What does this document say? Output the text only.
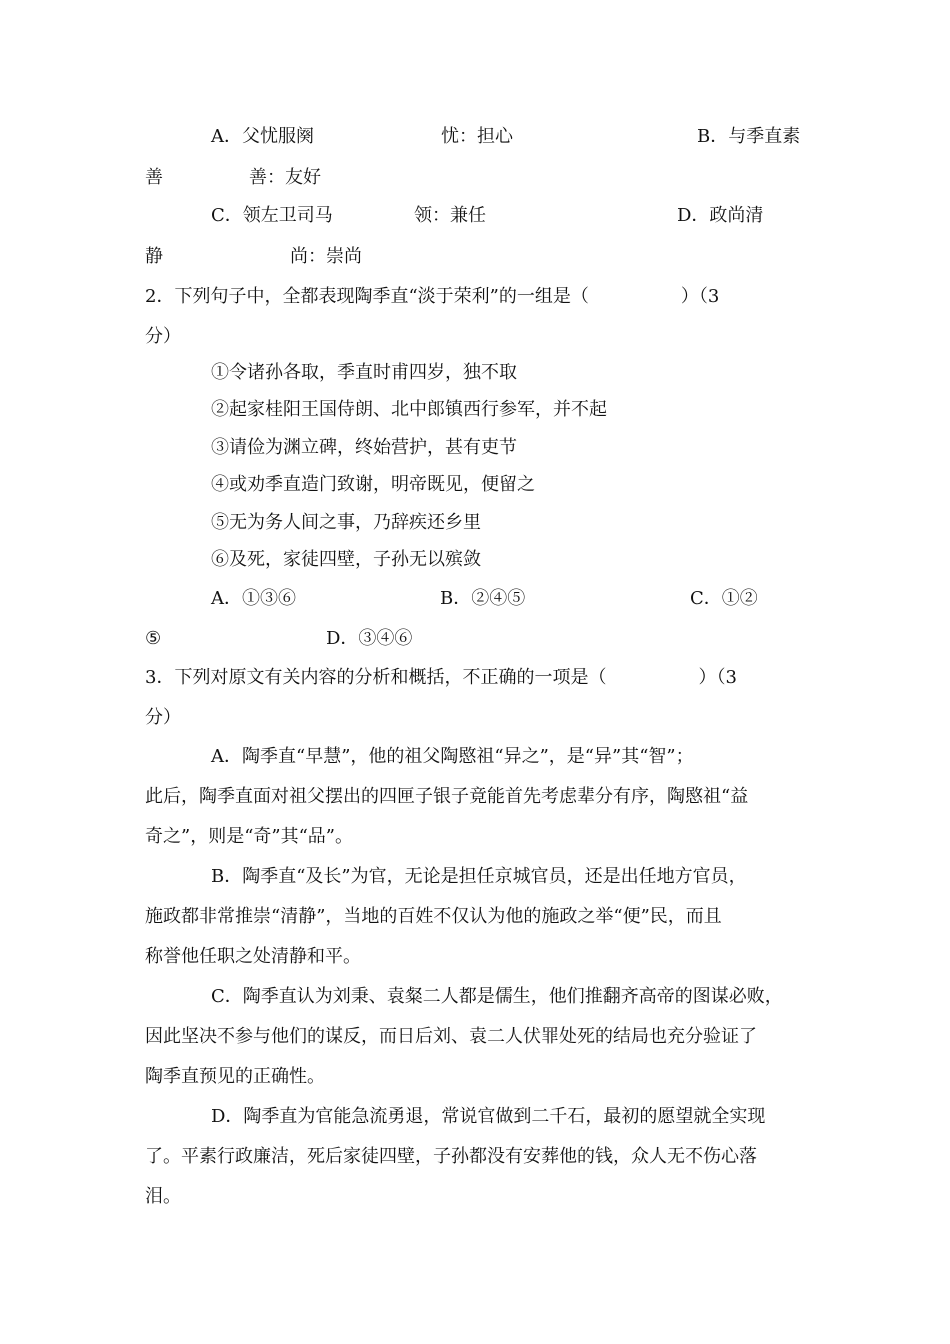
A．父忧服阕	忧：担心	B．与季直素

善	善：友好

C．领左卫司马	领：兼任	D．政尚清

静	尚：崇尚

2．下列句子中，全都表现陶季直“淡于荣利”的一组是（	）（3

分）

①令诸孙各取，季直时甫四岁，独不取

②起家桂阳王国侍朗、北中郎镇西行参军，并不起

③请俭为渊立碑，终始营护，甚有吏节

④或劝季直造门致谢，明帝既见，便留之

⑤无为务人间之事，乃辞疾还乡里

⑥及死，家徒四壁，子孙无以殡敛

A．①③⑥	B．②④⑤	C．①②

⑤	D．③④⑥

3．下列对原文有关内容的分析和概括，不正确的一项是（	）（3

分）

A．陶季直“早慧”，他的祖父陶愍祖“异之”，是“异”其“智”；

此后，陶季直面对祖父摆出的四匣子银子竟能首先考虑辈分有序，陶愍祖“益

奇之”，则是“奇”其“品”。

B．陶季直“及长”为官，无论是担任京城官员，还是出任地方官员，

施政都非常推崇“清静”，当地的百姓不仅认为他的施政之举“便”民，而且

称誉他任职之处清静和平。

C．陶季直认为刘秉、袁粲二人都是儒生，他们推翻齐高帝的图谋必败，

因此坚决不参与他们的谋反，而日后刘、袁二人伏罪处死的结局也充分验证了

陶季直预见的正确性。

D．陶季直为官能急流勇退，常说官做到二千石，最初的愿望就全实现

了。平素行政廉洁，死后家徒四壁，子孙都没有安葬他的钱，众人无不伤心落

泪。
